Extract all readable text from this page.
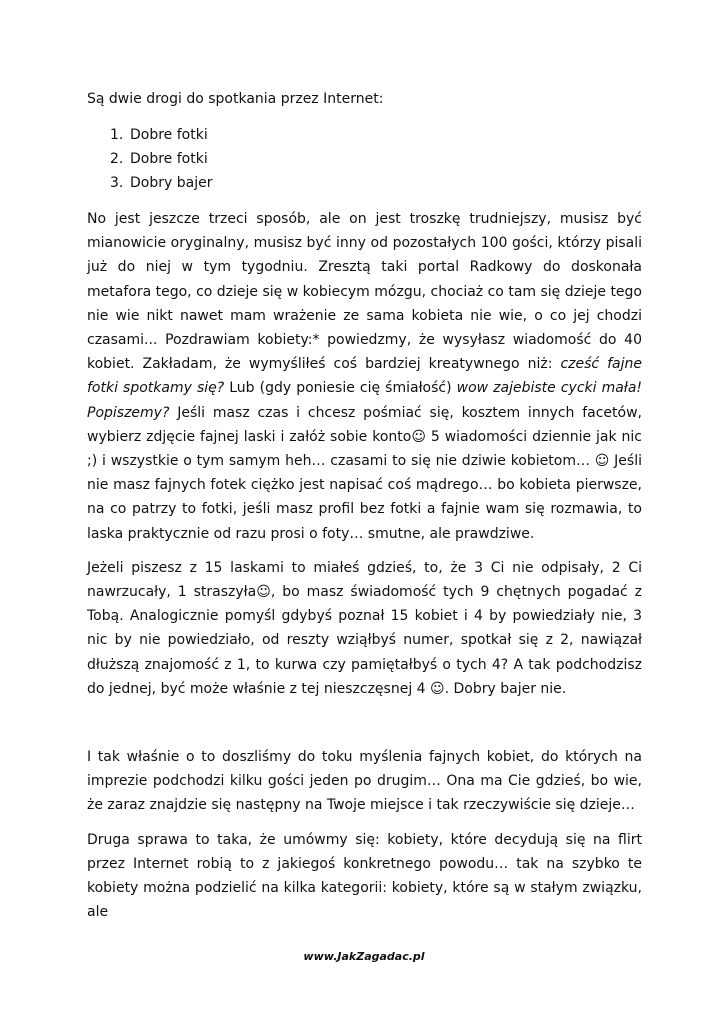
Są dwie drogi do spotkania przez Internet:

1. Dobre fotki
2. Dobre fotki
3. Dobry bajer

No jest jeszcze trzeci sposób, ale on jest troszkę trudniejszy, musisz być mianowicie oryginalny, musisz być inny od pozostałych 100 gości, którzy pisali już do niej w tym tygodniu. Zresztą taki portal Radkowy do doskonała metafora tego, co dzieje się w kobiecym mózgu, chociaż co tam się dzieje tego nie wie nikt nawet mam wrażenie ze sama kobieta nie wie, o co jej chodzi czasami... Pozdrawiam kobiety:* powiedzmy, że wysyłasz wiadomość do 40 kobiet. Zakładam, że wymyśliłeś coś bardziej kreatywnego niż: cześć fajne fotki spotkamy się? Lub (gdy poniesie cię śmiałość) wow zajebiste cycki mała! Popiszemy? Jeśli masz czas i chcesz pośmiać się, kosztem innych facetów, wybierz zdjęcie fajnej laski i załóż sobie konto☺ 5 wiadomości dziennie jak nic ;) i wszystkie o tym samym heh… czasami to się nie dziwie kobietom… ☺ Jeśli nie masz fajnych fotek ciężko jest napisać coś mądrego… bo kobieta pierwsze, na co patrzy to fotki, jeśli masz profil bez fotki a fajnie wam się rozmawia, to laska praktycznie od razu prosi o foty… smutne, ale prawdziwe.

Jeżeli piszesz z 15 laskami to miałeś gdzieś, to, że 3 Ci nie odpisały, 2 Ci nawrzucały, 1 straszyła☺, bo masz świadomość tych 9 chętnych pogadać z Tobą. Analogicznie pomyśl gdybyś poznał 15 kobiet i 4 by powiedziały nie, 3 nic by nie powiedziało, od reszty wziąłbyś numer, spotkał się z 2, nawiązał dłuższą znajomość z 1, to kurwa czy pamiętałbyś o tych 4? A tak podchodzisz do jednej, być może właśnie z tej nieszczęsnej 4 ☺. Dobry bajer nie.

I tak właśnie o to doszliśmy do toku myślenia fajnych kobiet, do których na imprezie podchodzi kilku gości jeden po drugim… Ona ma Cie gdzieś, bo wie, że zaraz znajdzie się następny na Twoje miejsce i tak rzeczywiście się dzieje…

Druga sprawa to taka, że umówmy się: kobiety, które decydują się na flirt przez Internet robią to z jakiegoś konkretnego powodu… tak na szybko te kobiety można podzielić na kilka kategorii: kobiety, które są w stałym związku, ale

www.JakZagadac.pl
